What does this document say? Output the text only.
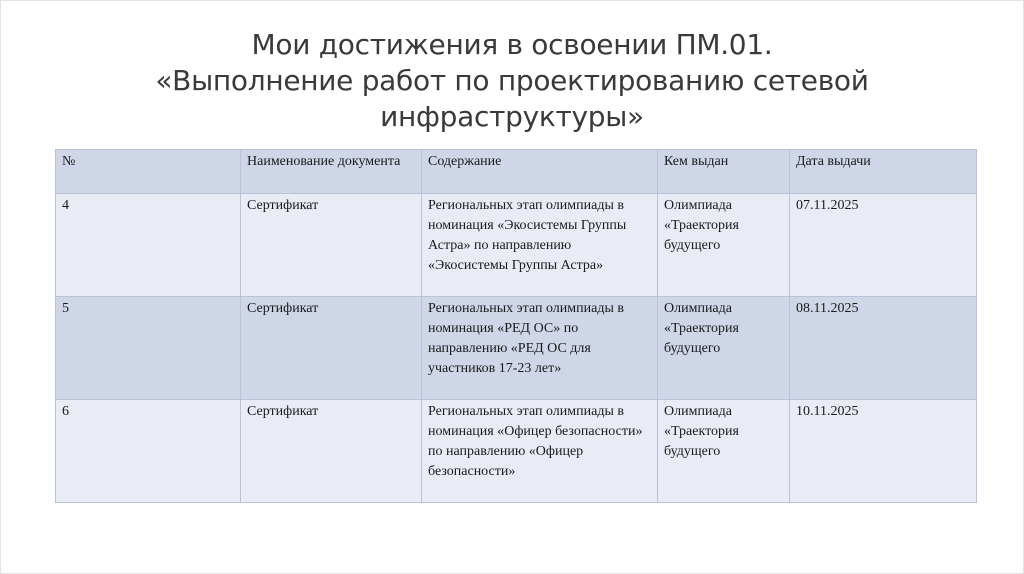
Мои достижения в освоении ПМ.01.
«Выполнение работ по проектированию сетевой
инфраструктуры»
№	Наименование документа	Содержание	Кем выдан	Дата выдачи
4	Сертификат	Региональных этап олимпиады в номинация «Экосистемы Группы Астра» по направлению «Экосистемы Группы Астра»	Олимпиада «Траектория будущего	07.11.2025
5	Сертификат	Региональных этап олимпиады в номинация «РЕД ОС» по направлению «РЕД ОС для участников 17-23 лет»	Олимпиада «Траектория будущего	08.11.2025
6	Сертификат	Региональных этап олимпиады в номинация «Офицер безопасности» по направлению «Офицер безопасности»	Олимпиада «Траектория будущего	10.11.2025
